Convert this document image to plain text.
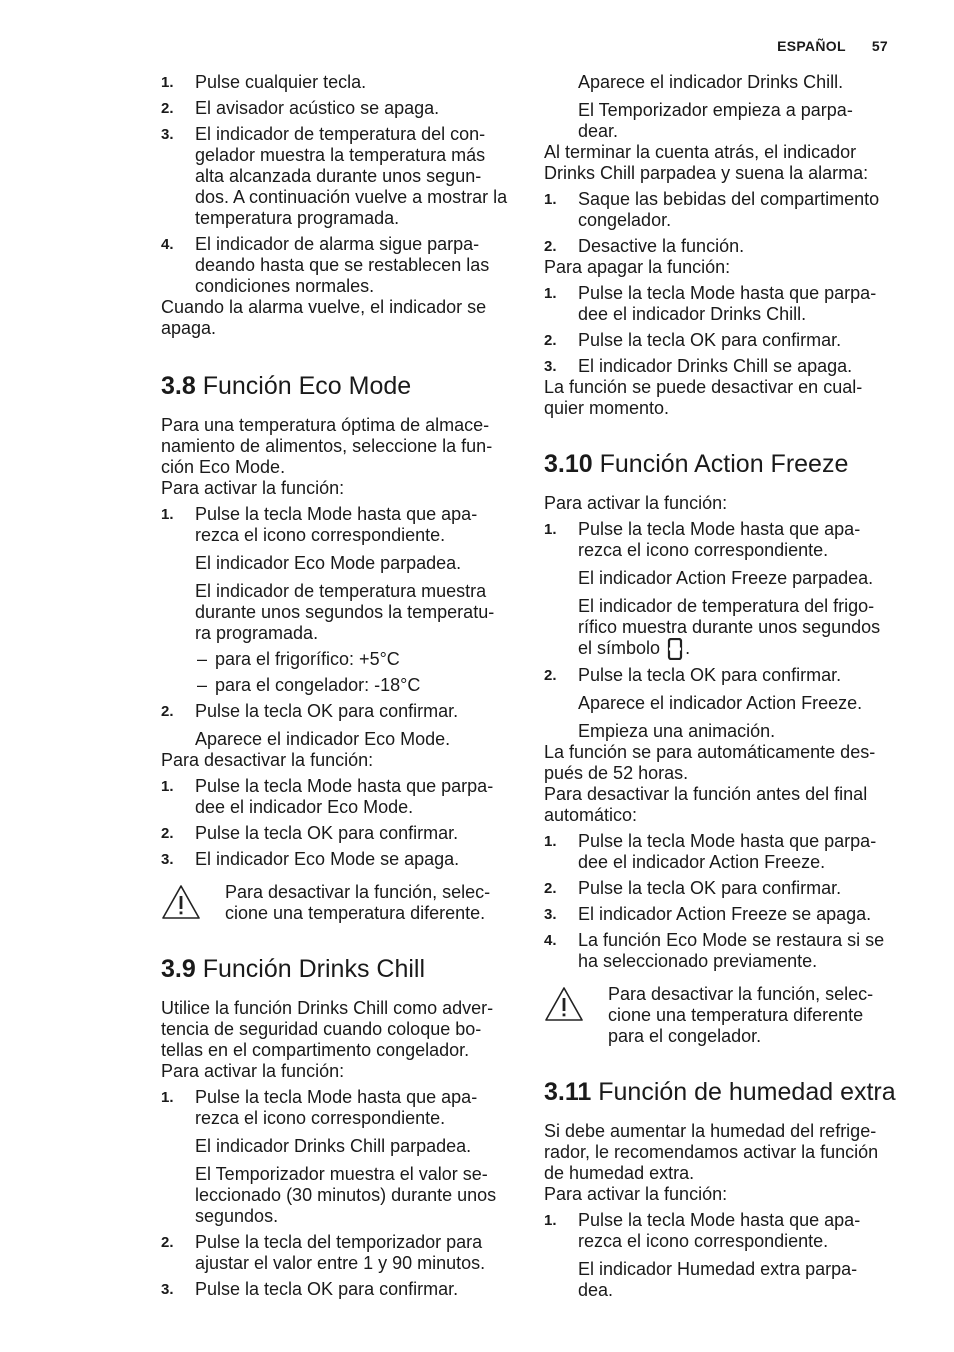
ESPAÑOL 57
1. Pulse cualquier tecla.
2. El avisador acústico se apaga.
3. El indicador de temperatura del con- gelador muestra la temperatura más alta alcanzada durante unos segun- dos. A continuación vuelve a mostrar la temperatura programada.
4. El indicador de alarma sigue parpa- deando hasta que se restablecen las condiciones normales.

Cuando la alarma vuelve, el indicador se apaga.

3.8 Función Eco Mode

Para una temperatura óptima de almace- namiento de alimentos, seleccione la fun- ción Eco Mode.

Para activar la función:

1. Pulse la tecla Mode hasta que apa- rezca el icono correspondiente.
El indicador Eco Mode parpadea.
El indicador de temperatura muestra durante unos segundos la temperatu- ra programada.
– para el frigorífico: +5°C
– para el congelador: -18°C
2. Pulse la tecla OK para confirmar.
Aparece el indicador Eco Mode.

Para desactivar la función:

1. Pulse la tecla Mode hasta que parpa- dee el indicador Eco Mode.
2. Pulse la tecla OK para confirmar.
3. El indicador Eco Mode se apaga.
Para desactivar la función, selec- cione una temperatura diferente.
3.9 Función Drinks Chill

Utilice la función Drinks Chill como adver- tencia de seguridad cuando coloque bo- tellas en el compartimento congelador.

Para activar la función:

1. Pulse la tecla Mode hasta que apa- rezca el icono correspondiente.
El indicador Drinks Chill parpadea.
El Temporizador muestra el valor se- leccionado (30 minutos) durante unos segundos.
2. Pulse la tecla del temporizador para ajustar el valor entre 1 y 90 minutos.
3. Pulse la tecla OK para confirmar.
Aparece el indicador Drinks Chill.
El Temporizador empieza a parpa- dear.

Al terminar la cuenta atrás, el indicador Drinks Chill parpadea y suena la alarma:

1. Saque las bebidas del compartimento congelador.
2. Desactive la función.

Para apagar la función:

1. Pulse la tecla Mode hasta que parpa- dee el indicador Drinks Chill.
2. Pulse la tecla OK para confirmar.
3. El indicador Drinks Chill se apaga.

La función se puede desactivar en cual- quier momento.

3.10 Función Action Freeze

Para activar la función:

1. Pulse la tecla Mode hasta que apa- rezca el icono correspondiente.
El indicador Action Freeze parpadea.
El indicador de temperatura del frigo- rífico muestra durante unos segundos el símbolo .
2. Pulse la tecla OK para confirmar.
Aparece el indicador Action Freeze.
Empieza una animación.

La función se para automáticamente des- pués de 52 horas.

Para desactivar la función antes del final automático:

1. Pulse la tecla Mode hasta que parpa- dee el indicador Action Freeze.
2. Pulse la tecla OK para confirmar.
3. El indicador Action Freeze se apaga.
4. La función Eco Mode se restaura si se ha seleccionado previamente.
Para desactivar la función, selec- cione una temperatura diferente para el congelador.
3.11 Función de humedad extra

Si debe aumentar la humedad del refrige- rador, le recomendamos activar la función de humedad extra.

Para activar la función:

1. Pulse la tecla Mode hasta que apa- rezca el icono correspondiente.
El indicador Humedad extra parpa- dea.
